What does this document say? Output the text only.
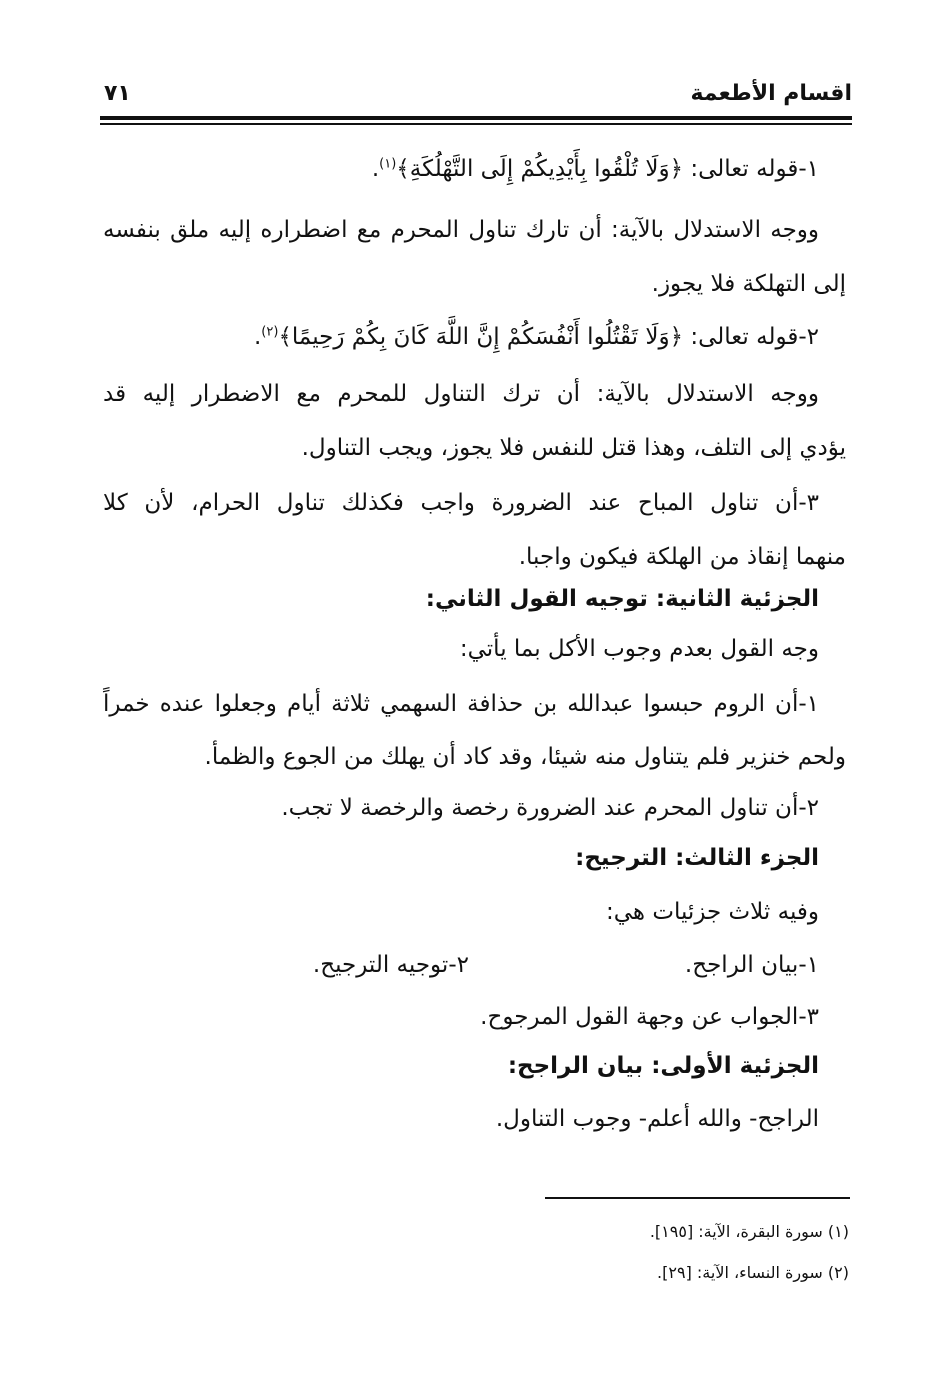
اقسام الأطعمة
٧١
١-قوله تعالى: ﴿وَلَا تُلْقُوا بِأَيْدِيكُمْ إِلَى التَّهْلُكَةِ﴾$^{(١)}$.
ووجه الاستدلال بالآية: أن تارك تناول المحرم مع اضطراره إليه ملق بنفسه
إلى التهلكة فلا يجوز.
٢-قوله تعالى: ﴿وَلَا تَقْتُلُوا أَنْفُسَكُمْ إِنَّ اللَّهَ كَانَ بِكُمْ رَحِيمًا﴾$^{(٢)}$.
ووجه الاستدلال بالآية: أن ترك التناول للمحرم مع الاضطرار إليه قد
يؤدي إلى التلف، وهذا قتل للنفس فلا يجوز، ويجب التناول.
٣-أن تناول المباح عند الضرورة واجب فكذلك تناول الحرام، لأن كلا
منهما إنقاذ من الهلكة فيكون واجبا.
الجزئية الثانية: توجيه القول الثاني:
وجه القول بعدم وجوب الأكل بما يأتي:
١-أن الروم حبسوا عبدالله بن حذافة السهمي ثلاثة أيام وجعلوا عنده خمراً
ولحم خنزير فلم يتناول منه شيئا، وقد كاد أن يهلك من الجوع والظمأ.
٢-أن تناول المحرم عند الضرورة رخصة والرخصة لا تجب.
الجزء الثالث: الترجيح:
وفيه ثلاث جزئيات هي:
١-بيان الراجح.
٢-توجيه الترجيح.
٣-الجواب عن وجهة القول المرجوح.
الجزئية الأولى: بيان الراجح:
الراجح- والله أعلم- وجوب التناول.
(١) سورة البقرة، الآية: [١٩٥].
(٢) سورة النساء، الآية: [٢٩].
